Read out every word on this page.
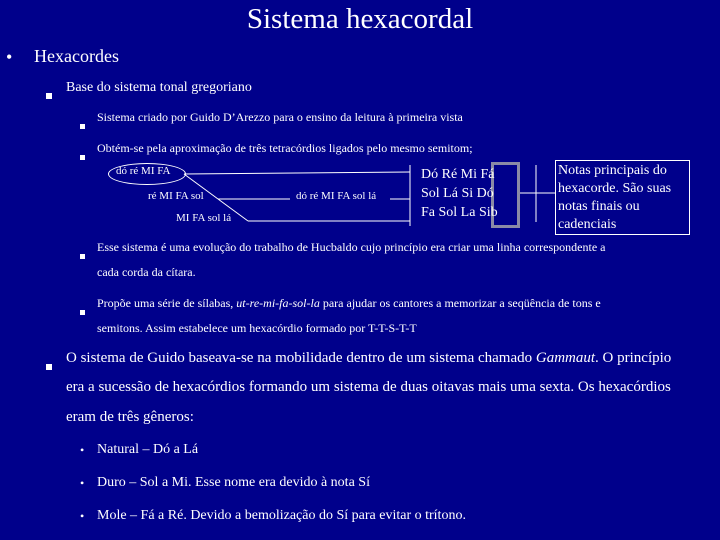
Sistema hexacordal
• Hexacordes
Base do sistema tonal gregoriano
Sistema criado por Guido D’Arezzo para o ensino da leitura à primeira vista
Obtém-se pela aproximação de três tetracórdios ligados pelo mesmo semitom;
dó ré MI FA
ré MI FA sol	dó ré MI FA sol lá
MI FA sol lá
Dó Ré Mi Fá
Sol Lá Si Dó
Fa Sol La Sib
Notas principais do
hexacorde. São suas
notas finais ou
cadenciais
Esse sistema é uma evolução do trabalho de Hucbaldo cujo princípio era criar uma linha correspondente a
cada corda da cítara.
Propõe uma série de sílabas, ut-re-mi-fa-sol-la para ajudar os cantores a memorizar a seqüência de tons e
semitons. Assim estabelece um hexacórdio formado por T-T-S-T-T
O sistema de Guido baseava-se na mobilidade dentro de um sistema chamado Gammaut. O princípio
era a sucessão de hexacórdios formando um sistema de duas oitavas mais uma sexta. Os hexacórdios
eram de três gêneros:
• Natural – Dó a Lá
• Duro – Sol a Mi. Esse nome era devido à nota Sí
• Mole – Fá a Ré. Devido a bemolização do Sí para evitar o trítono.
